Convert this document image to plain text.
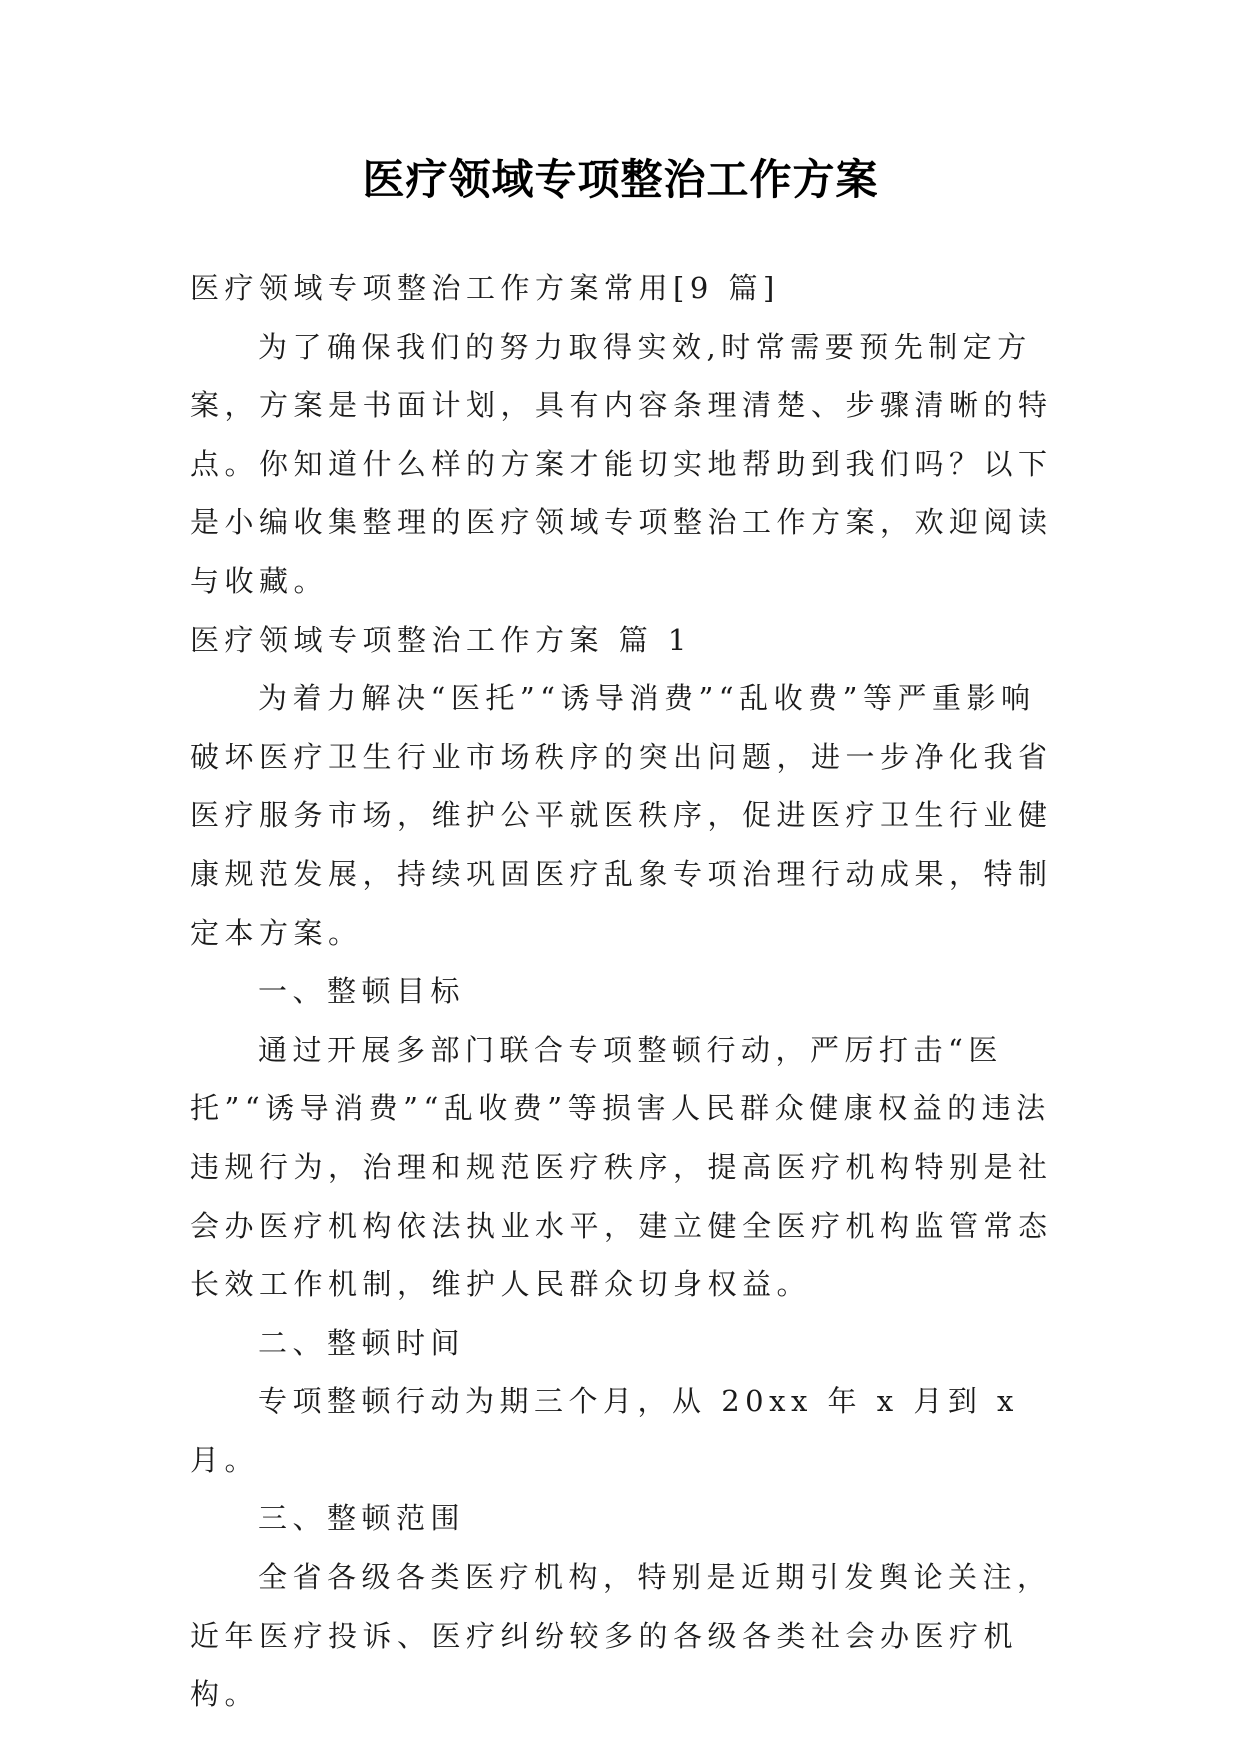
医疗领域专项整治工作方案

医疗领域专项整治工作方案常用[9 篇]

为了确保我们的努力取得实效,时常需要预先制定方案，方案是书面计划，具有内容条理清楚、步骤清晰的特点。你知道什么样的方案才能切实地帮助到我们吗？以下是小编收集整理的医疗领域专项整治工作方案，欢迎阅读与收藏。

医疗领域专项整治工作方案 篇 1

为着力解决“医托”“诱导消费”“乱收费”等严重影响破坏医疗卫生行业市场秩序的突出问题，进一步净化我省医疗服务市场，维护公平就医秩序，促进医疗卫生行业健康规范发展，持续巩固医疗乱象专项治理行动成果，特制定本方案。

一、整顿目标

通过开展多部门联合专项整顿行动，严厉打击“医托”“诱导消费”“乱收费”等损害人民群众健康权益的违法违规行为，治理和规范医疗秩序，提高医疗机构特别是社会办医疗机构依法执业水平，建立健全医疗机构监管常态长效工作机制，维护人民群众切身权益。

二、整顿时间

专项整顿行动为期三个月，从 20xx 年 x 月到 x 月。

三、整顿范围

全省各级各类医疗机构，特别是近期引发舆论关注，近年医疗投诉、医疗纠纷较多的各级各类社会办医疗机构。
